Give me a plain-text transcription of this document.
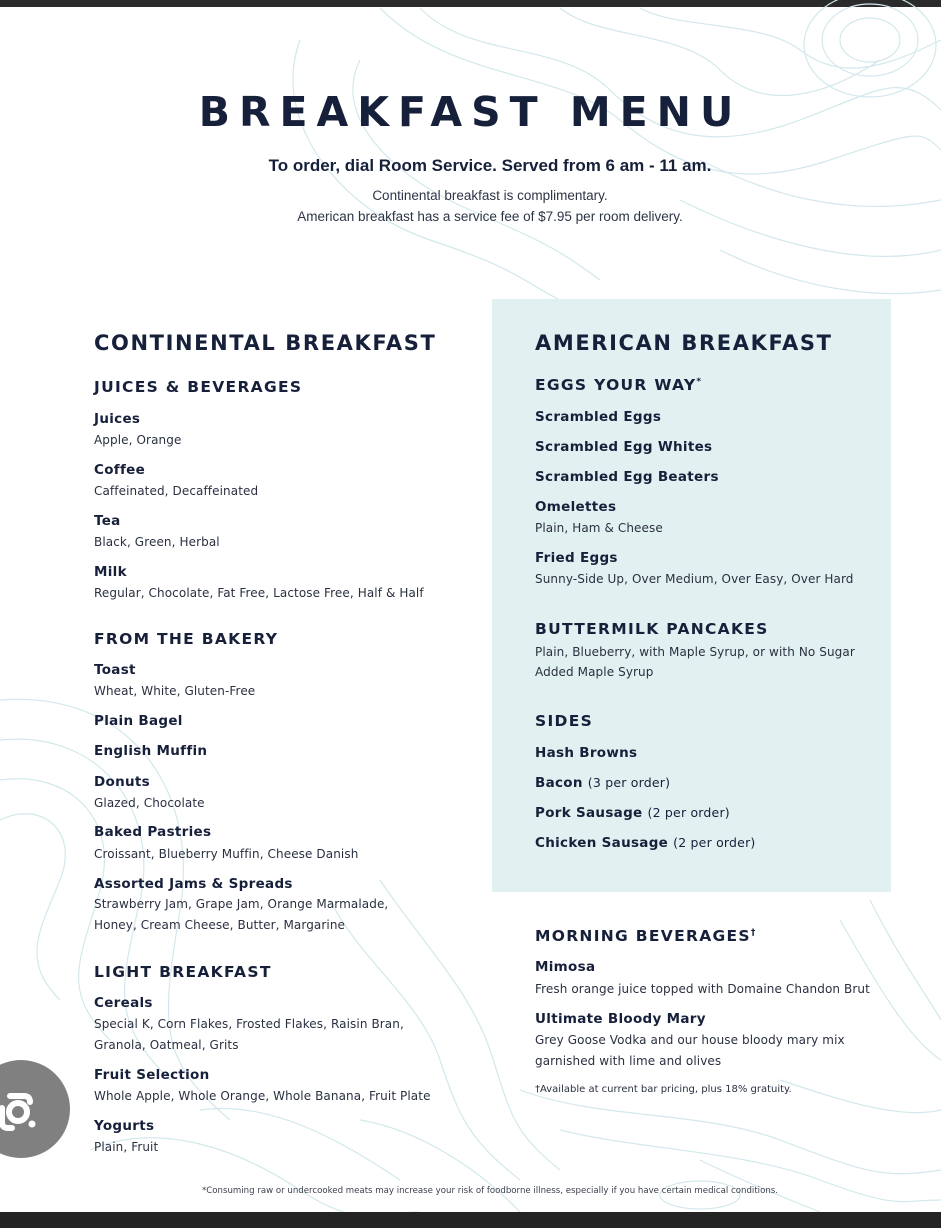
BREAKFAST MENU
To order, dial Room Service. Served from 6 am - 11 am.
Continental breakfast is complimentary.
American breakfast has a service fee of $7.95 per room delivery.
CONTINENTAL BREAKFAST
JUICES & BEVERAGES
Juices
Apple, Orange
Coffee
Caffeinated, Decaffeinated
Tea
Black, Green, Herbal
Milk
Regular, Chocolate, Fat Free, Lactose Free, Half & Half
FROM THE BAKERY
Toast
Wheat, White, Gluten-Free
Plain Bagel
English Muffin
Donuts
Glazed, Chocolate
Baked Pastries
Croissant, Blueberry Muffin, Cheese Danish
Assorted Jams & Spreads
Strawberry Jam, Grape Jam, Orange Marmalade,
Honey, Cream Cheese, Butter, Margarine
LIGHT BREAKFAST
Cereals
Special K, Corn Flakes, Frosted Flakes, Raisin Bran,
Granola, Oatmeal, Grits
Fruit Selection
Whole Apple, Whole Orange, Whole Banana, Fruit Plate
Yogurts
Plain, Fruit
AMERICAN BREAKFAST
EGGS YOUR WAY*
Scrambled Eggs
Scrambled Egg Whites
Scrambled Egg Beaters
Omelettes
Plain, Ham & Cheese
Fried Eggs
Sunny-Side Up, Over Medium, Over Easy, Over Hard
BUTTERMILK PANCAKES
Plain, Blueberry, with Maple Syrup, or with No Sugar
Added Maple Syrup
SIDES
Hash Browns
Bacon (3 per order)
Pork Sausage (2 per order)
Chicken Sausage (2 per order)
MORNING BEVERAGES†
Mimosa
Fresh orange juice topped with Domaine Chandon Brut
Ultimate Bloody Mary
Grey Goose Vodka and our house bloody mary mix
garnished with lime and olives
†Available at current bar pricing, plus 18% gratuity.
*Consuming raw or undercooked meats may increase your risk of foodborne illness, especially if you have certain medical conditions.
